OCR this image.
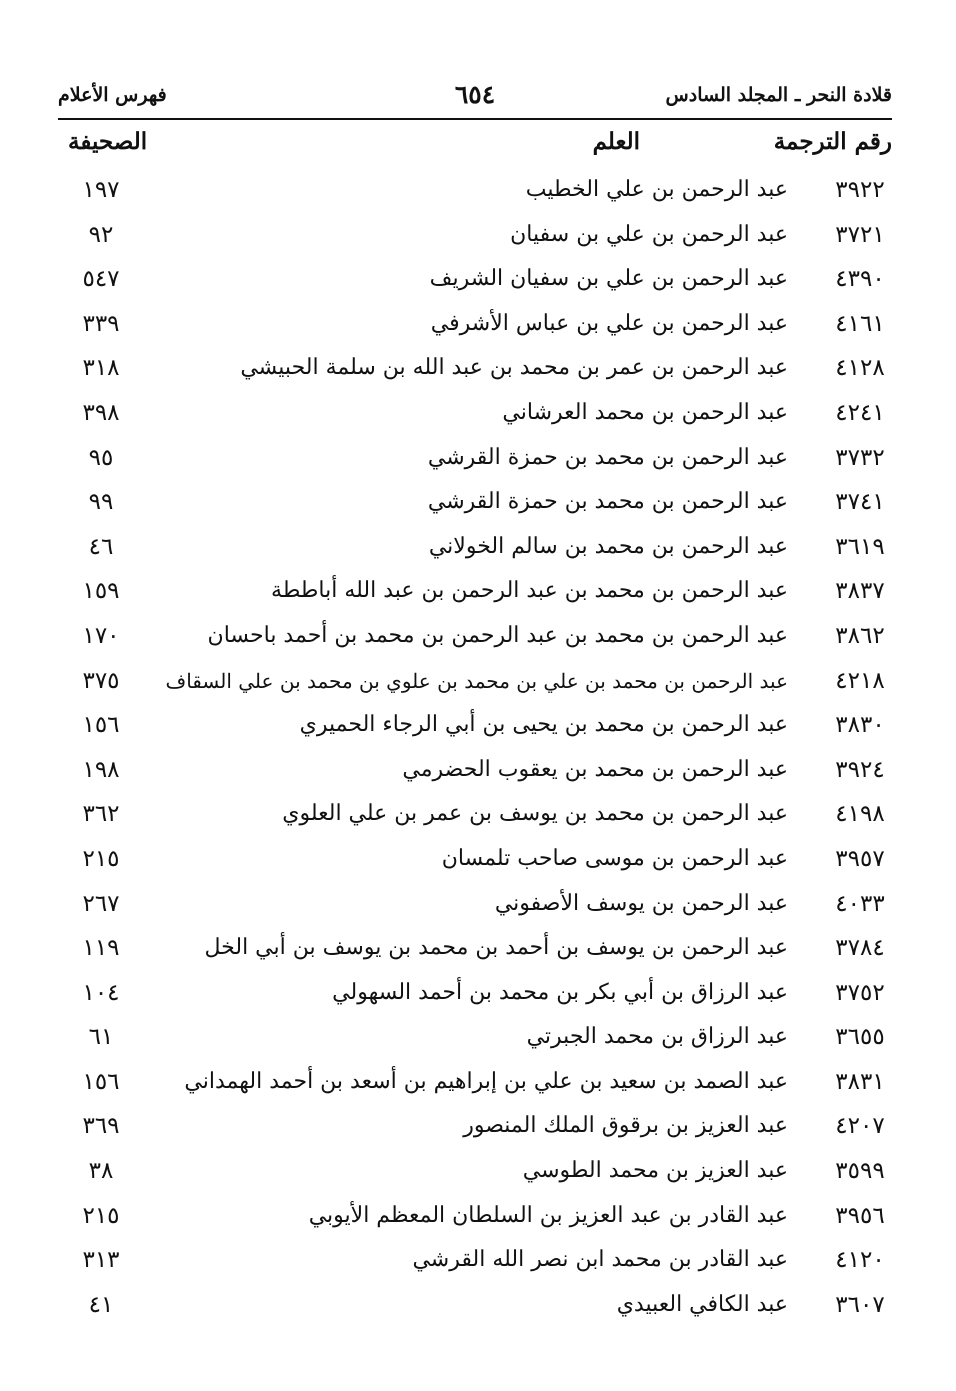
قلادة النحر ـ المجلد السادس
٦٥٤
فهرس الأعلام
رقم الترجمة
العلم
الصحيفة
٣٩٢٢
عبد الرحمن بن علي الخطيب
١٩٧
٣٧٢١
عبد الرحمن بن علي بن سفيان
٩٢
٤٣٩٠
عبد الرحمن بن علي بن سفيان الشريف
٥٤٧
٤١٦١
عبد الرحمن بن علي بن عباس الأشرفي
٣٣٩
٤١٢٨
عبد الرحمن بن عمر بن محمد بن عبد الله بن سلمة الحبيشي
٣١٨
٤٢٤١
عبد الرحمن بن محمد العرشاني
٣٩٨
٣٧٣٢
عبد الرحمن بن محمد بن حمزة القرشي
٩٥
٣٧٤١
عبد الرحمن بن محمد بن حمزة القرشي
٩٩
٣٦١٩
عبد الرحمن بن محمد بن سالم الخولاني
٤٦
٣٨٣٧
عبد الرحمن بن محمد بن عبد الرحمن بن عبد الله أباططة
١٥٩
٣٨٦٢
عبد الرحمن بن محمد بن عبد الرحمن بن محمد بن أحمد باحسان
١٧٠
٤٢١٨
عبد الرحمن بن محمد بن علي بن محمد بن علوي بن محمد بن علي السقاف
٣٧٥
٣٨٣٠
عبد الرحمن بن محمد بن يحيى بن أبي الرجاء الحميري
١٥٦
٣٩٢٤
عبد الرحمن بن محمد بن يعقوب الحضرمي
١٩٨
٤١٩٨
عبد الرحمن بن محمد بن يوسف بن عمر بن علي العلوي
٣٦٢
٣٩٥٧
عبد الرحمن بن موسى صاحب تلمسان
٢١٥
٤٠٣٣
عبد الرحمن بن يوسف الأصفوني
٢٦٧
٣٧٨٤
عبد الرحمن بن يوسف بن أحمد بن محمد بن يوسف بن أبي الخل
١١٩
٣٧٥٢
عبد الرزاق بن أبي بكر بن محمد بن أحمد السهولي
١٠٤
٣٦٥٥
عبد الرزاق بن محمد الجبرتي
٦١
٣٨٣١
عبد الصمد بن سعيد بن علي بن إبراهيم بن أسعد بن أحمد الهمداني
١٥٦
٤٢٠٧
عبد العزيز بن برقوق الملك المنصور
٣٦٩
٣٥٩٩
عبد العزيز بن محمد الطوسي
٣٨
٣٩٥٦
عبد القادر بن عبد العزيز بن السلطان المعظم الأيوبي
٢١٥
٤١٢٠
عبد القادر بن محمد ابن نصر الله القرشي
٣١٣
٣٦٠٧
عبد الكافي العبيدي
٤١
